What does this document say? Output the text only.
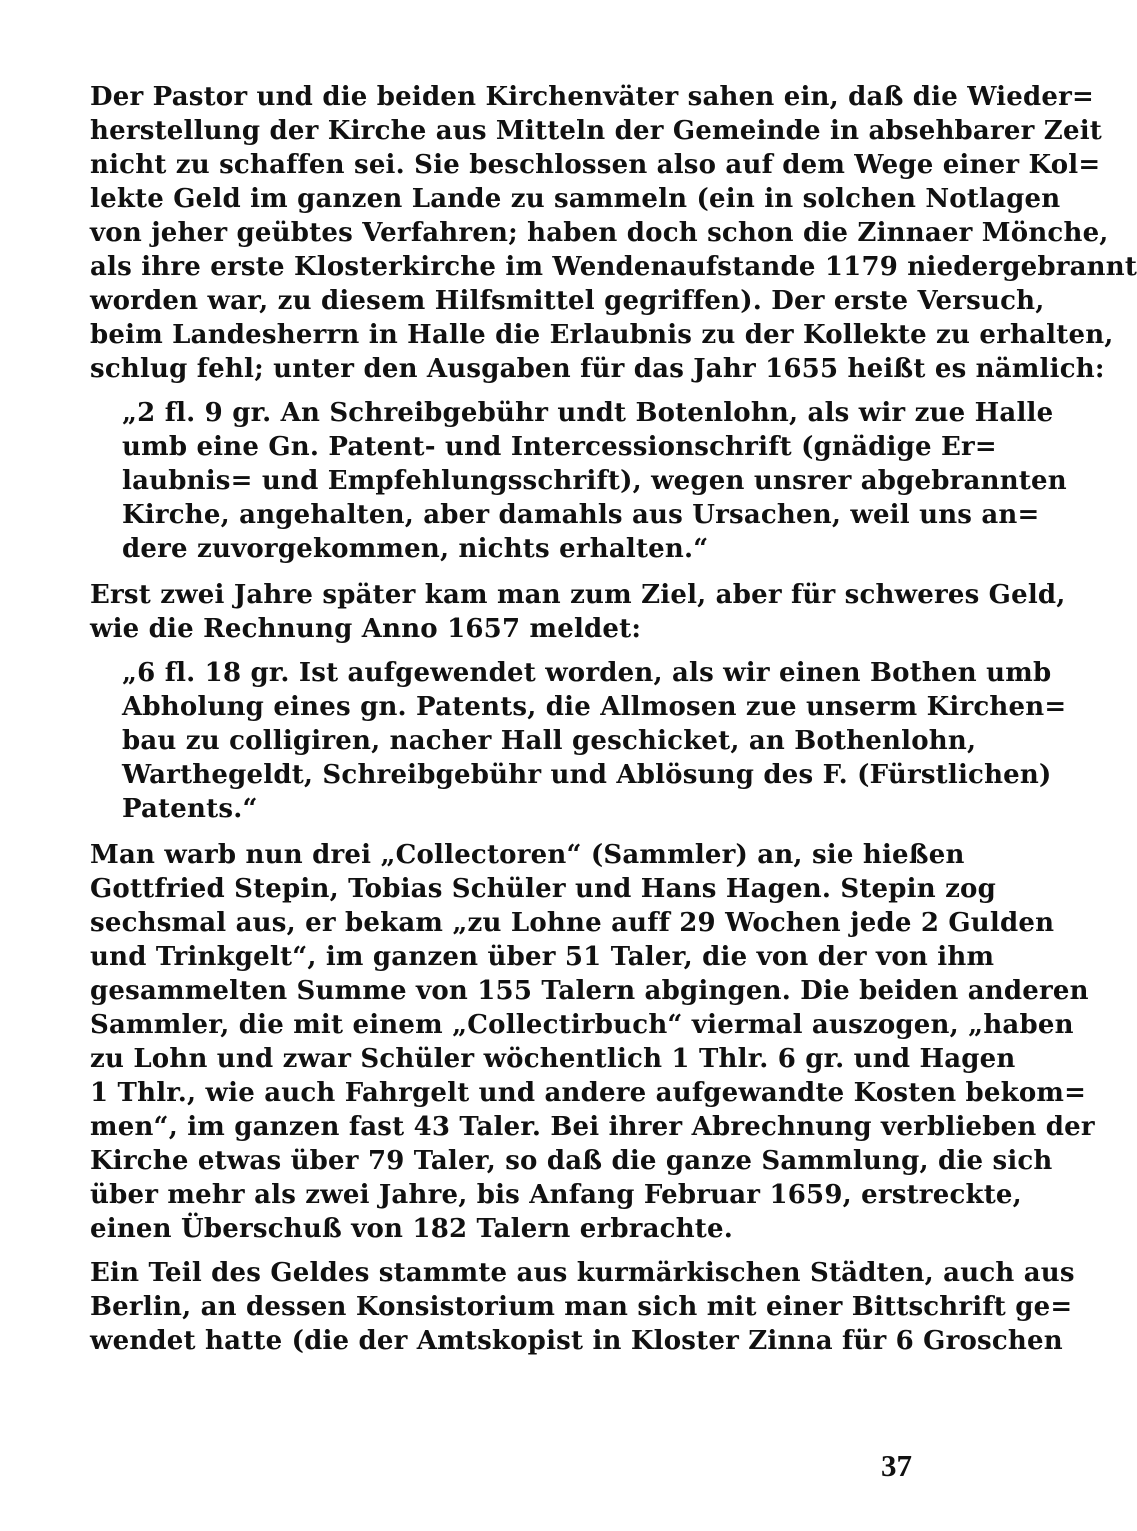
Der Pastor und die beiden Kirchenväter sahen ein, daß die Wieder=
herstellung der Kirche aus Mitteln der Gemeinde in absehbarer Zeit
nicht zu schaffen sei. Sie beschlossen also auf dem Wege einer Kol=
lekte Geld im ganzen Lande zu sammeln (ein in solchen Notlagen
von jeher geübtes Verfahren; haben doch schon die Zinnaer Mönche,
als ihre erste Klosterkirche im Wendenaufstande 1179 niedergebrannt
worden war, zu diesem Hilfsmittel gegriffen). Der erste Versuch,
beim Landesherrn in Halle die Erlaubnis zu der Kollekte zu erhalten,
schlug fehl; unter den Ausgaben für das Jahr 1655 heißt es nämlich:
„2 fl. 9 gr. An Schreibgebühr undt Botenlohn, als wir zue Halle
umb eine Gn. Patent- und Intercessionschrift (gnädige Er=
laubnis= und Empfehlungsschrift), wegen unsrer abgebrannten
Kirche, angehalten, aber damahls aus Ursachen, weil uns an=
dere zuvorgekommen, nichts erhalten.“
Erst zwei Jahre später kam man zum Ziel, aber für schweres Geld,
wie die Rechnung Anno 1657 meldet:
„6 fl. 18 gr. Ist aufgewendet worden, als wir einen Bothen umb
Abholung eines gn. Patents, die Allmosen zue unserm Kirchen=
bau zu colligiren, nacher Hall geschicket, an Bothenlohn,
Warthegeldt, Schreibgebühr und Ablösung des F. (Fürstlichen)
Patents.“
Man warb nun drei „Collectoren“ (Sammler) an, sie hießen
Gottfried Stepin, Tobias Schüler und Hans Hagen. Stepin zog
sechsmal aus, er bekam „zu Lohne auff 29 Wochen jede 2 Gulden
und Trinkgelt“, im ganzen über 51 Taler, die von der von ihm
gesammelten Summe von 155 Talern abgingen. Die beiden anderen
Sammler, die mit einem „Collectirbuch“ viermal auszogen, „haben
zu Lohn und zwar Schüler wöchentlich 1 Thlr. 6 gr. und Hagen
1 Thlr., wie auch Fahrgelt und andere aufgewandte Kosten bekom=
men“, im ganzen fast 43 Taler. Bei ihrer Abrechnung verblieben der
Kirche etwas über 79 Taler, so daß die ganze Sammlung, die sich
über mehr als zwei Jahre, bis Anfang Februar 1659, erstreckte,
einen Überschuß von 182 Talern erbrachte.
Ein Teil des Geldes stammte aus kurmärkischen Städten, auch aus
Berlin, an dessen Konsistorium man sich mit einer Bittschrift ge=
wendet hatte (die der Amtskopist in Kloster Zinna für 6 Groschen
37
